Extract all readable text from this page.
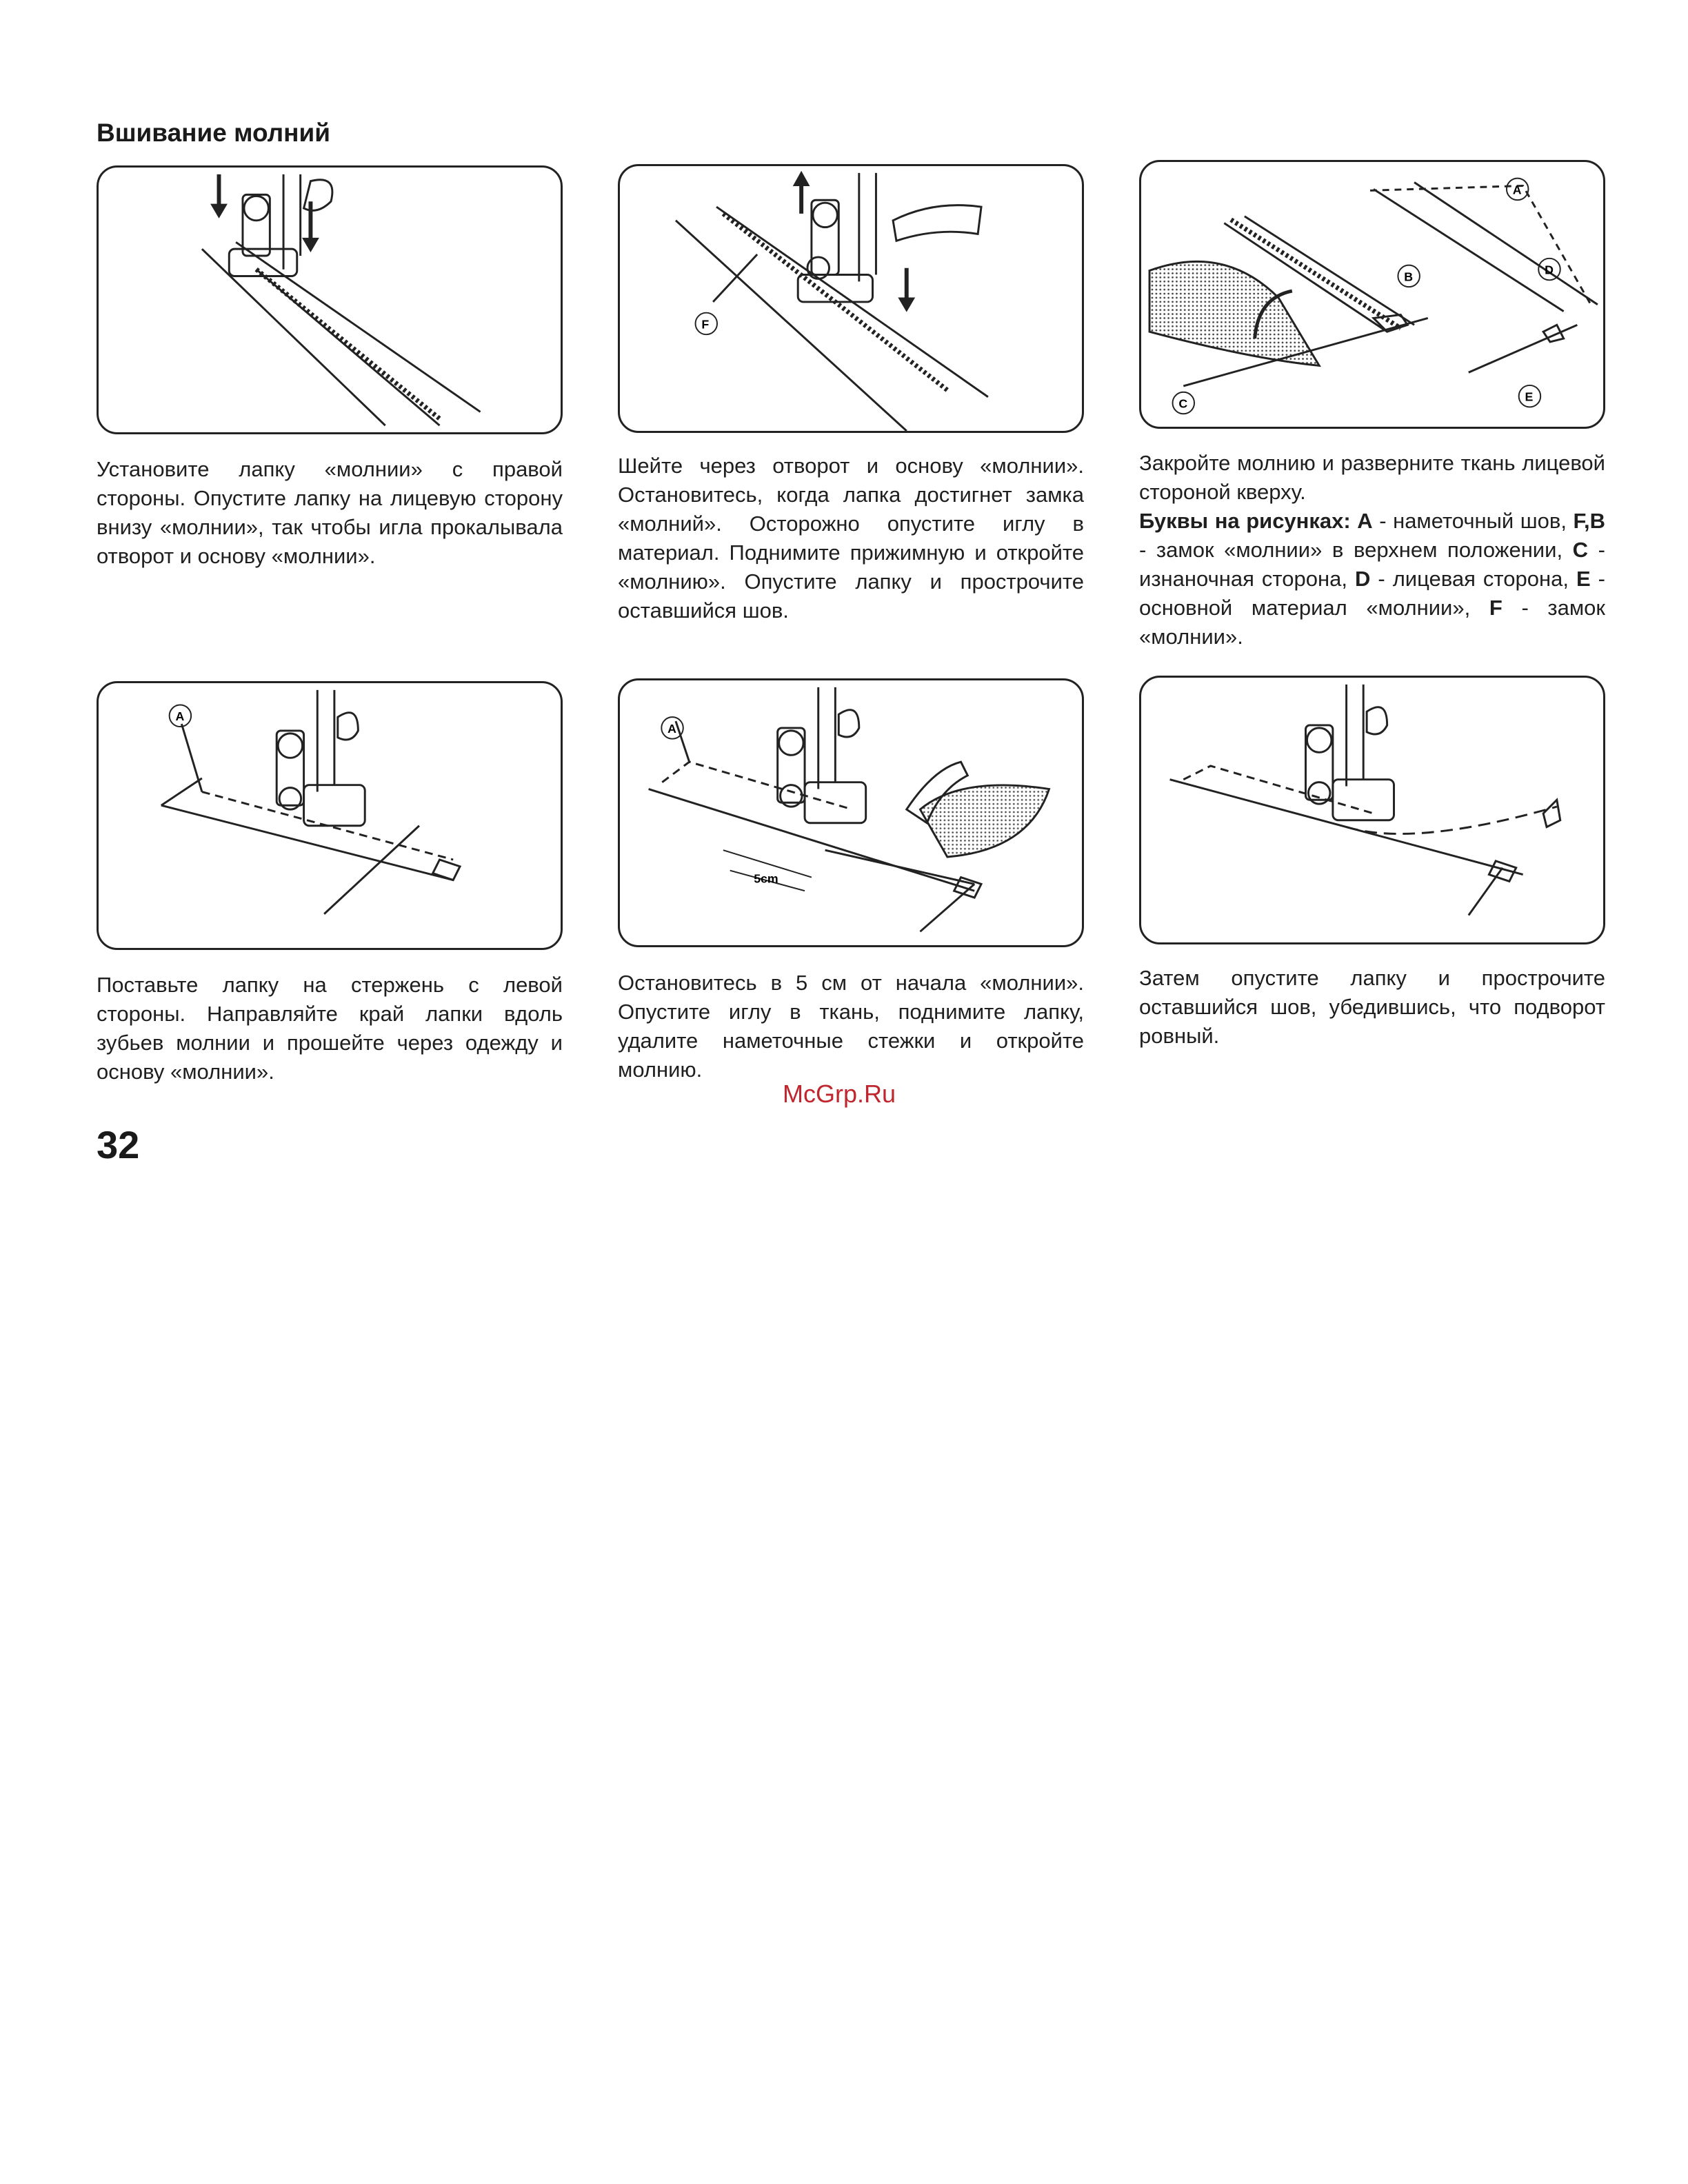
Вшивание молний
Установите лапку «молнии» с правой стороны. Опустите лапку на лицевую сторону внизу «молнии», так чтобы игла прокалывала отворот и основу «молнии».
F
Шейте через отворот и основу «молнии». Остановитесь, когда лапка достигнет замка «молний». Осторожно опустите иглу в материал. Поднимите прижимную и откройте «молнию». Опустите лапку и прострочите оставшийся шов.
A
B
C
D
E

Закройте молнию и разверните ткань лицевой стороной кверху.

Буквы на рисунках: A - наметочный шов, F,B - замок «молнии» в верхнем положении, C - изнаночная сторона, D - лицевая сторона, E - основной материал «молнии», F - замок «молнии».

A
Поставьте лапку на стержень с левой стороны. Направляйте край лапки вдоль зубьев молнии и прошейте через одежду и основу «молнии».
A
5cm
Остановитесь в 5 см от начала «молнии». Опустите иглу в ткань, поднимите лапку, удалите наметочные стежки и откройте молнию.
Затем опустите лапку и прострочите оставшийся шов, убедившись, что подворот ровный.
McGrp.Ru
32
